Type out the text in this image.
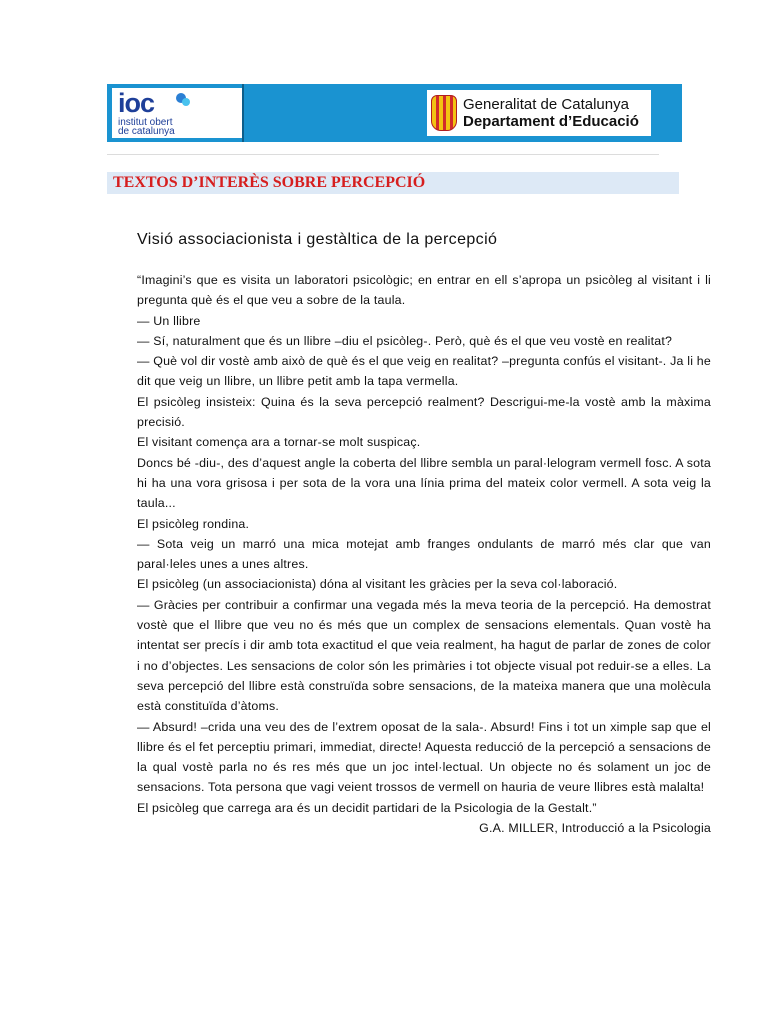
ioc
institut obert
de catalunya
Generalitat de Catalunya
Departament d’Educació
TEXTOS D’INTERÈS SOBRE PERCEPCIÓ
Visió associacionista i gestàltica de la percepció

“Imagini’s que es visita un laboratori psicològic; en entrar en ell s’apropa un psicòleg al visitant i li pregunta què és el que veu a sobre de la taula.

— Un llibre

— Sí, naturalment que és un llibre –diu el psicòleg-. Però, què és el que veu vostè en realitat?

— Què vol dir vostè amb això de què és el que veig en realitat? –pregunta confús el visitant-. Ja li he dit que veig un llibre, un llibre petit amb la tapa vermella.

El psicòleg insisteix: Quina és la seva percepció realment? Descrigui-me-la vostè amb la màxima precisió.

El visitant comença ara a tornar-se molt suspicaç.

Doncs bé -diu-, des d’aquest angle la coberta del llibre sembla un paral·lelogram vermell fosc. A sota hi ha una vora grisosa i per sota de la vora una línia prima del mateix color vermell. A sota veig la taula...

El psicòleg rondina.

— Sota veig un marró una mica motejat amb franges ondulants de marró més clar que van paral·leles unes a unes altres.

El psicòleg (un associacionista) dóna al visitant les gràcies per la seva col·laboració.

— Gràcies per contribuir a confirmar una vegada més la meva teoria de la percepció. Ha demostrat vostè que el llibre que veu no és més que un complex de sensacions elementals. Quan vostè ha intentat ser precís i dir amb tota exactitud el que veia realment, ha hagut de parlar de zones de color i no d’objectes. Les sensacions de color són les primàries i tot objecte visual pot reduir-se a elles. La seva percepció del llibre està construïda sobre sensacions, de la mateixa manera que una molècula està constituïda d’àtoms.

— Absurd! –crida una veu des de l’extrem oposat de la sala-. Absurd! Fins i tot un ximple sap que el llibre és el fet perceptiu primari, immediat, directe! Aquesta reducció de la percepció a sensacions de la qual vostè parla no és res més que un joc intel·lectual. Un objecte no és solament un joc de sensacions. Tota persona que vagi veient trossos de vermell on hauria de veure llibres està malalta!

El psicòleg que carrega ara és un decidit partidari de la Psicologia de la Gestalt.”

G.A. MILLER, Introducció a la Psicologia
